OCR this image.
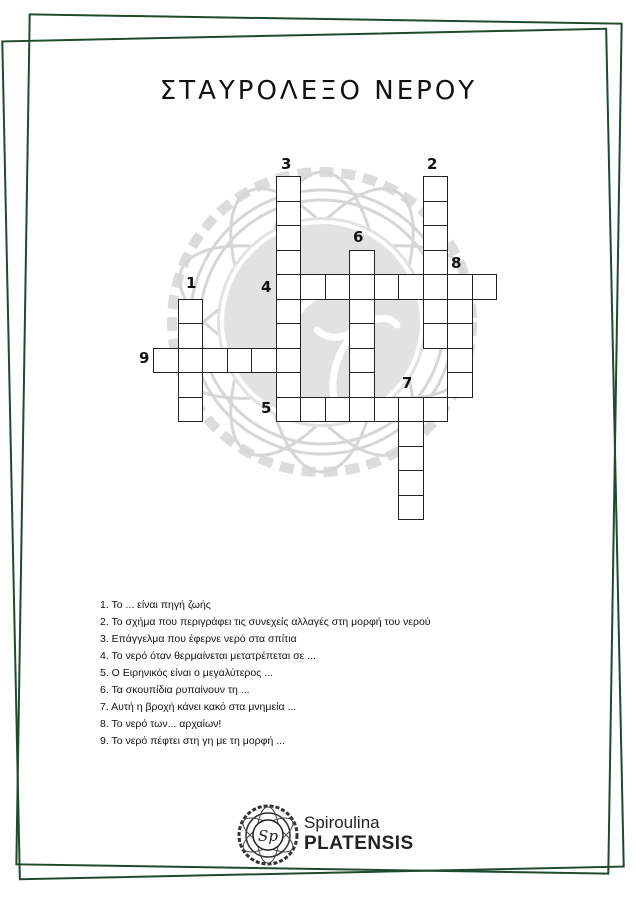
ΣΤΑΥΡΟΛΕΞΟ ΝΕΡΟΥ
1
2
3
4
5
6
7
8
9
1. Το ... είναι πηγή ζωής
2. Το σχήμα που περιγράφει τις συνεχείς αλλαγές στη μορφή του νερού
3. Επάγγελμα που έφερνε νερό στα σπίτια
4. Το νερό όταν θερμαίνεται μετατρέπεται σε ...
5. Ο Ειρηνικός είναι ο μεγαλύτερος ...
6. Τα σκουπίδια ρυπαίνουν τη ...
7. Αυτή η βροχή κάνει κακό στα μνημεία ...
8. Το νερό των... αρχαίων!
9. Το νερό πέφτει στη γη με τη μορφή ...
Sp
Spiroulina
PLATENSIS
